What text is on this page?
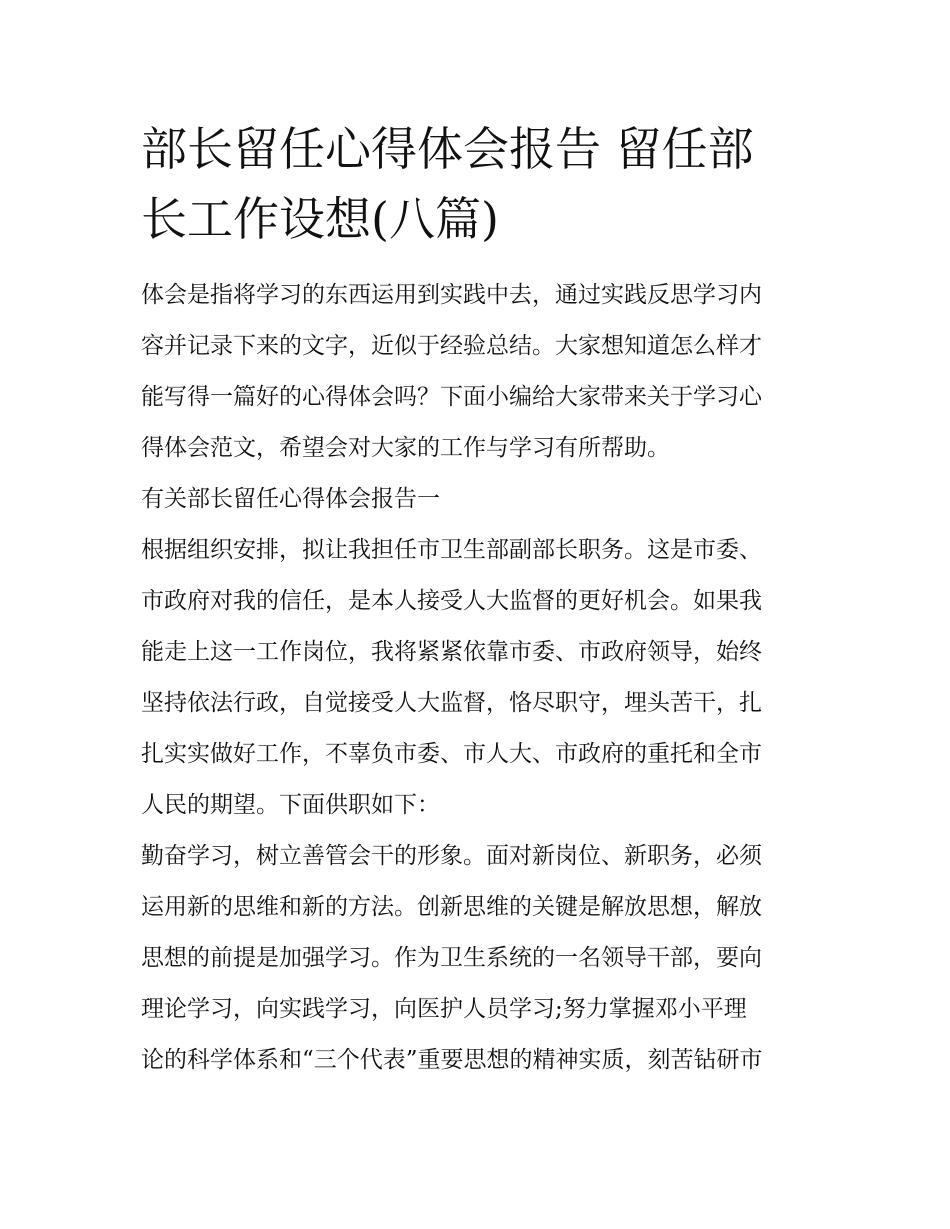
部长留任心得体会报告 留任部
长工作设想(八篇)
体会是指将学习的东西运用到实践中去，通过实践反思学习内
容并记录下来的文字，近似于经验总结。大家想知道怎么样才
能写得一篇好的心得体会吗？下面小编给大家带来关于学习心
得体会范文，希望会对大家的工作与学习有所帮助。
有关部长留任心得体会报告一
根据组织安排，拟让我担任市卫生部副部长职务。这是市委、
市政府对我的信任，是本人接受人大监督的更好机会。如果我
能走上这一工作岗位，我将紧紧依靠市委、市政府领导，始终
坚持依法行政，自觉接受人大监督，恪尽职守，埋头苦干，扎
扎实实做好工作，不辜负市委、市人大、市政府的重托和全市
人民的期望。下面供职如下：
勤奋学习，树立善管会干的形象。面对新岗位、新职务，必须
运用新的思维和新的方法。创新思维的关键是解放思想，解放
思想的前提是加强学习。作为卫生系统的一名领导干部，要向
理论学习，向实践学习，向医护人员学习;努力掌握邓小平理
论的科学体系和“三个代表”重要思想的精神实质，刻苦钻研市
